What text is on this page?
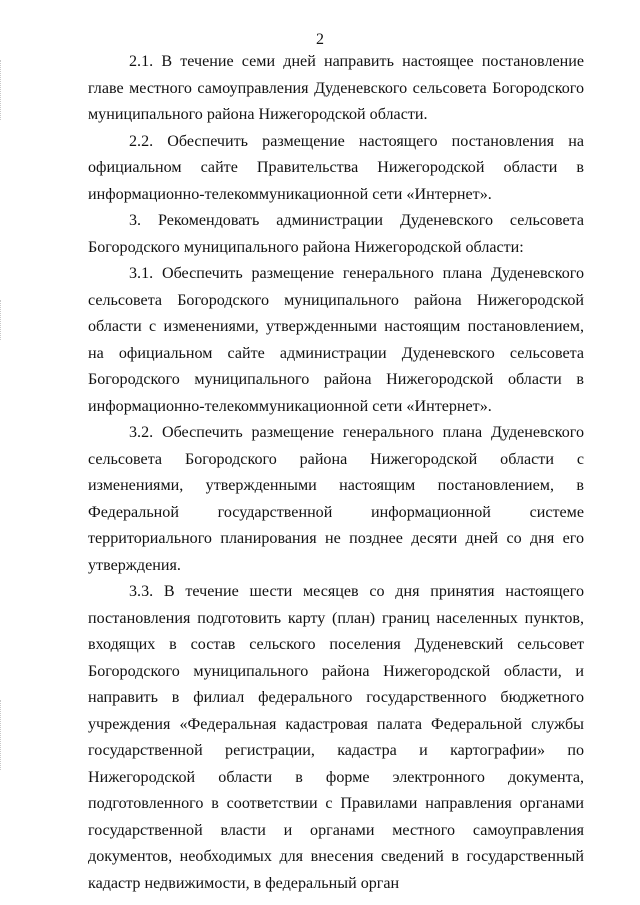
2

2.1. В течение семи дней направить настоящее постановление главе местного самоуправления Дуденевского сельсовета Богородского муниципального района Нижегородской области.

2.2. Обеспечить размещение настоящего постановления на официальном сайте Правительства Нижегородской области в информационно-телекоммуникационной сети «Интернет».

3. Рекомендовать администрации Дуденевского сельсовета Богородского муниципального района Нижегородской области:

3.1. Обеспечить размещение генерального плана Дуденевского сельсовета Богородского муниципального района Нижегородской области с изменениями, утвержденными настоящим постановлением, на официальном сайте администрации Дуденевского сельсовета Богородского муниципального района Нижегородской области в информационно-телекоммуникационной сети «Интернет».

3.2. Обеспечить размещение генерального плана Дуденевского сельсовета Богородского района Нижегородской области с изменениями, утвержденными настоящим постановлением, в Федеральной государственной информационной системе территориального планирования не позднее десяти дней со дня его утверждения.

3.3. В течение шести месяцев со дня принятия настоящего постановления подготовить карту (план) границ населенных пунктов, входящих в состав сельского поселения Дуденевский сельсовет Богородского муниципального района Нижегородской области, и направить в филиал федерального государственного бюджетного учреждения «Федеральная кадастровая палата Федеральной службы государственной регистрации, кадастра и картографии» по Нижегородской области в форме электронного документа, подготовленного в соответствии с Правилами направления органами государственной власти и органами местного самоуправления документов, необходимых для внесения сведений в государственный кадастр недвижимости, в федеральный орган
